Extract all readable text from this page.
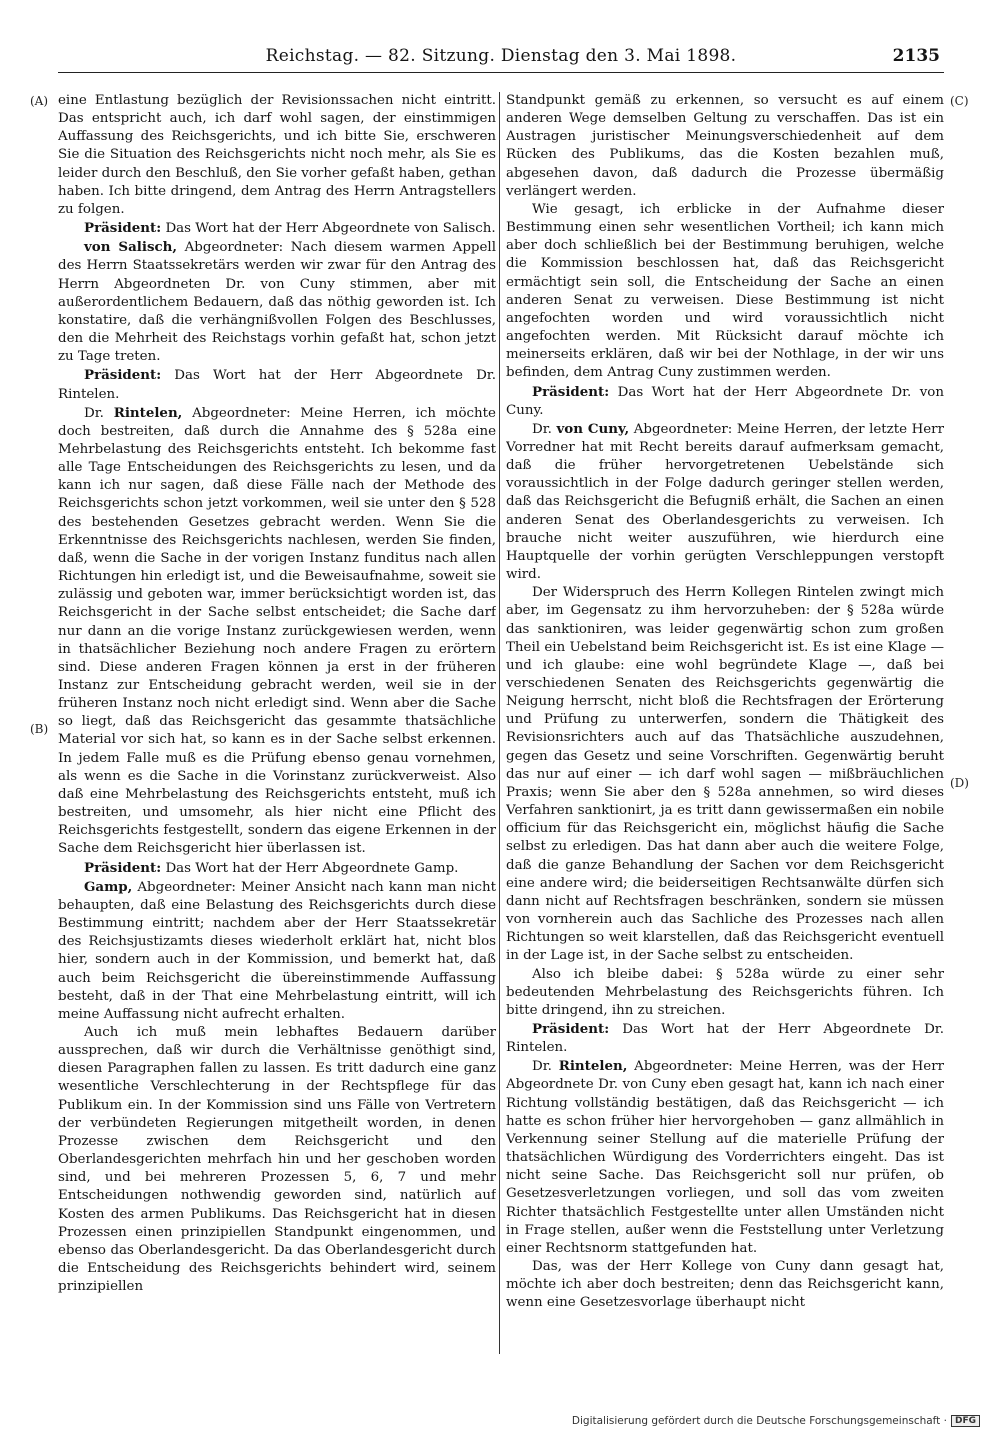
Reichstag. — 82. Sitzung. Dienstag den 3. Mai 1898.	2135
(A)
(B)
(C)
(D)

eine Entlastung bezüglich der Revisionssachen nicht eintritt. Das entspricht auch, ich darf wohl sagen, der einstimmigen Auffassung des Reichsgerichts, und ich bitte Sie, erschweren Sie die Situation des Reichsgerichts nicht noch mehr, als Sie es leider durch den Beschluß, den Sie vorher gefaßt haben, gethan haben. Ich bitte dringend, dem Antrag des Herrn Antragstellers zu folgen.

Präsident: Das Wort hat der Herr Abgeordnete von Salisch.

von Salisch, Abgeordneter: Nach diesem warmen Appell des Herrn Staatssekretärs werden wir zwar für den Antrag des Herrn Abgeordneten Dr. von Cuny stimmen, aber mit außerordentlichem Bedauern, daß das nöthig geworden ist. Ich konstatire, daß die verhängnißvollen Folgen des Beschlusses, den die Mehrheit des Reichstags vorhin gefaßt hat, schon jetzt zu Tage treten.

Präsident: Das Wort hat der Herr Abgeordnete Dr. Rintelen.

Dr. Rintelen, Abgeordneter: Meine Herren, ich möchte doch bestreiten, daß durch die Annahme des § 528a eine Mehrbelastung des Reichsgerichts entsteht. Ich bekomme fast alle Tage Entscheidungen des Reichsgerichts zu lesen, und da kann ich nur sagen, daß diese Fälle nach der Methode des Reichsgerichts schon jetzt vorkommen, weil sie unter den § 528 des bestehenden Gesetzes gebracht werden. Wenn Sie die Erkenntnisse des Reichsgerichts nachlesen, werden Sie finden, daß, wenn die Sache in der vorigen Instanz funditus nach allen Richtungen hin erledigt ist, und die Beweisaufnahme, soweit sie zulässig und geboten war, immer berücksichtigt worden ist, das Reichsgericht in der Sache selbst entscheidet; die Sache darf nur dann an die vorige Instanz zurückgewiesen werden, wenn in thatsächlicher Beziehung noch andere Fragen zu erörtern sind. Diese anderen Fragen können ja erst in der früheren Instanz zur Entscheidung gebracht werden, weil sie in der früheren Instanz noch nicht erledigt sind. Wenn aber die Sache so liegt, daß das Reichsgericht das gesammte thatsächliche Material vor sich hat, so kann es in der Sache selbst erkennen. In jedem Falle muß es die Prüfung ebenso genau vornehmen, als wenn es die Sache in die Vorinstanz zurückverweist. Also daß eine Mehrbelastung des Reichsgerichts entsteht, muß ich bestreiten, und umsomehr, als hier nicht eine Pflicht des Reichsgerichts festgestellt, sondern das eigene Erkennen in der Sache dem Reichsgericht hier überlassen ist.

Präsident: Das Wort hat der Herr Abgeordnete Gamp.

Gamp, Abgeordneter: Meiner Ansicht nach kann man nicht behaupten, daß eine Belastung des Reichsgerichts durch diese Bestimmung eintritt; nachdem aber der Herr Staatssekretär des Reichsjustizamts dieses wiederholt erklärt hat, nicht blos hier, sondern auch in der Kommission, und bemerkt hat, daß auch beim Reichsgericht die übereinstimmende Auffassung besteht, daß in der That eine Mehrbelastung eintritt, will ich meine Auffassung nicht aufrecht erhalten.

Auch ich muß mein lebhaftes Bedauern darüber aussprechen, daß wir durch die Verhältnisse genöthigt sind, diesen Paragraphen fallen zu lassen. Es tritt dadurch eine ganz wesentliche Verschlechterung in der Rechtspflege für das Publikum ein. In der Kommission sind uns Fälle von Vertretern der verbündeten Regierungen mitgetheilt worden, in denen Prozesse zwischen dem Reichsgericht und den Oberlandesgerichten mehrfach hin und her geschoben worden sind, und bei mehreren Prozessen 5, 6, 7 und mehr Entscheidungen nothwendig geworden sind, natürlich auf Kosten des armen Publikums. Das Reichsgericht hat in diesen Prozessen einen prinzipiellen Standpunkt eingenommen, und ebenso das Oberlandesgericht. Da das Oberlandesgericht durch die Entscheidung des Reichsgerichts behindert wird, seinem prinzipiellen

Standpunkt gemäß zu erkennen, so versucht es auf einem anderen Wege demselben Geltung zu verschaffen. Das ist ein Austragen juristischer Meinungsverschiedenheit auf dem Rücken des Publikums, das die Kosten bezahlen muß, abgesehen davon, daß dadurch die Prozesse übermäßig verlängert werden.

Wie gesagt, ich erblicke in der Aufnahme dieser Bestimmung einen sehr wesentlichen Vortheil; ich kann mich aber doch schließlich bei der Bestimmung beruhigen, welche die Kommission beschlossen hat, daß das Reichsgericht ermächtigt sein soll, die Entscheidung der Sache an einen anderen Senat zu verweisen. Diese Bestimmung ist nicht angefochten worden und wird voraussichtlich nicht angefochten werden. Mit Rücksicht darauf möchte ich meinerseits erklären, daß wir bei der Nothlage, in der wir uns befinden, dem Antrag Cuny zustimmen werden.

Präsident: Das Wort hat der Herr Abgeordnete Dr. von Cuny.

Dr. von Cuny, Abgeordneter: Meine Herren, der letzte Herr Vorredner hat mit Recht bereits darauf aufmerksam gemacht, daß die früher hervorgetretenen Uebelstände sich voraussichtlich in der Folge dadurch geringer stellen werden, daß das Reichsgericht die Befugniß erhält, die Sachen an einen anderen Senat des Oberlandesgerichts zu verweisen. Ich brauche nicht weiter auszuführen, wie hierdurch eine Hauptquelle der vorhin gerügten Verschleppungen verstopft wird.

Der Widerspruch des Herrn Kollegen Rintelen zwingt mich aber, im Gegensatz zu ihm hervorzuheben: der § 528a würde das sanktioniren, was leider gegenwärtig schon zum großen Theil ein Uebelstand beim Reichsgericht ist. Es ist eine Klage — und ich glaube: eine wohl begründete Klage —, daß bei verschiedenen Senaten des Reichsgerichts gegenwärtig die Neigung herrscht, nicht bloß die Rechtsfragen der Erörterung und Prüfung zu unterwerfen, sondern die Thätigkeit des Revisionsrichters auch auf das Thatsächliche auszudehnen, gegen das Gesetz und seine Vorschriften. Gegenwärtig beruht das nur auf einer — ich darf wohl sagen — mißbräuchlichen Praxis; wenn Sie aber den § 528a annehmen, so wird dieses Verfahren sanktionirt, ja es tritt dann gewissermaßen ein nobile officium für das Reichsgericht ein, möglichst häufig die Sache selbst zu erledigen. Das hat dann aber auch die weitere Folge, daß die ganze Behandlung der Sachen vor dem Reichsgericht eine andere wird; die beiderseitigen Rechtsanwälte dürfen sich dann nicht auf Rechtsfragen beschränken, sondern sie müssen von vornherein auch das Sachliche des Prozesses nach allen Richtungen so weit klarstellen, daß das Reichsgericht eventuell in der Lage ist, in der Sache selbst zu entscheiden.

Also ich bleibe dabei: § 528a würde zu einer sehr bedeutenden Mehrbelastung des Reichsgerichts führen. Ich bitte dringend, ihn zu streichen.

Präsident: Das Wort hat der Herr Abgeordnete Dr. Rintelen.

Dr. Rintelen, Abgeordneter: Meine Herren, was der Herr Abgeordnete Dr. von Cuny eben gesagt hat, kann ich nach einer Richtung vollständig bestätigen, daß das Reichsgericht — ich hatte es schon früher hier hervorgehoben — ganz allmählich in Verkennung seiner Stellung auf die materielle Prüfung der thatsächlichen Würdigung des Vorderrichters eingeht. Das ist nicht seine Sache. Das Reichsgericht soll nur prüfen, ob Gesetzesverletzungen vorliegen, und soll das vom zweiten Richter thatsächlich Festgestellte unter allen Umständen nicht in Frage stellen, außer wenn die Feststellung unter Verletzung einer Rechtsnorm stattgefunden hat.

Das, was der Herr Kollege von Cuny dann gesagt hat, möchte ich aber doch bestreiten; denn das Reichsgericht kann, wenn eine Gesetzesvorlage überhaupt nicht

Digitalisierung gefördert durch die Deutsche Forschungsgemeinschaft · DFG
